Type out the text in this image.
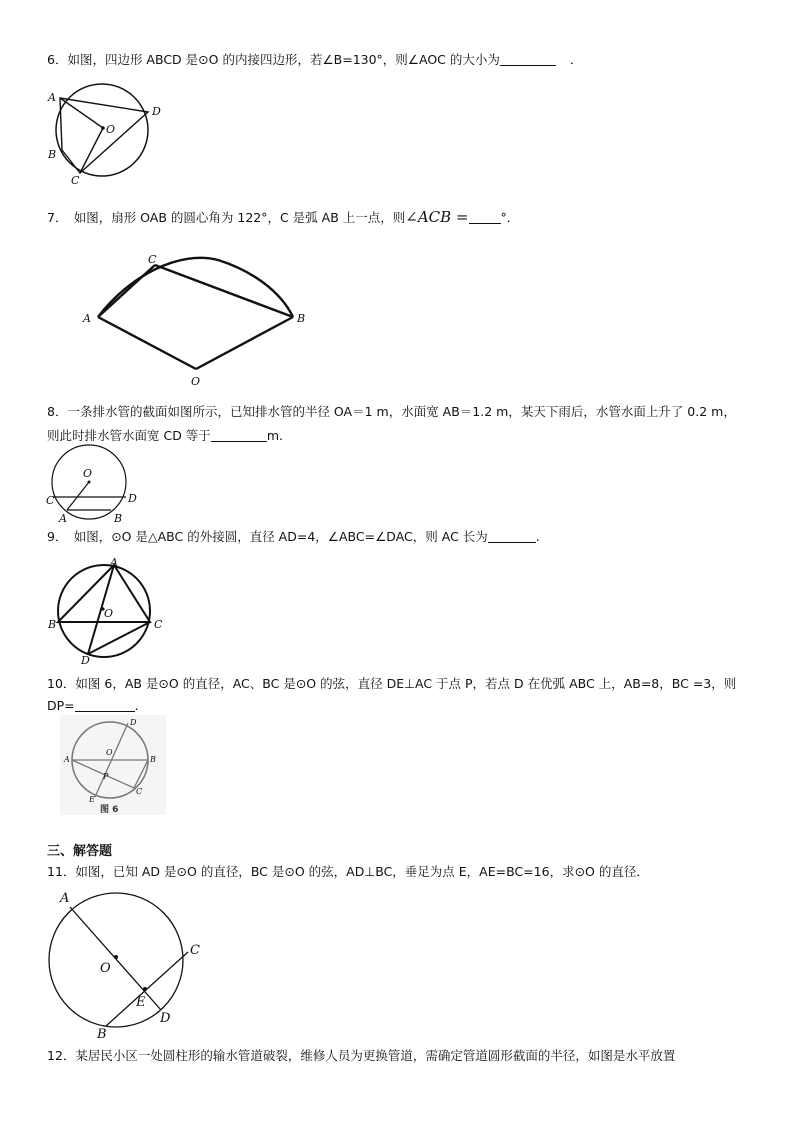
6．如图，四边形 ABCD 是⊙O 的内接四边形，若∠B=130°，则∠AOC 的大小为	．

A
B
C
D
O

7．　如图，扇形 OAB 的圆心角为 122°，C 是弧 AB 上一点，则∠ACB =	°．

C
A	B
O

8．一条排水管的截面如图所示，已知排水管的半径 OA＝1 m，水面宽 AB＝1.2 m，某天下雨后，水管水面上升了 0.2 m，则此时排水管水面宽 CD 等于	m.

O
C	D
A	B

9．　如图，⊙O 是△ABC 的外接圆，直径 AD=4，∠ABC=∠DAC，则 AC 长为	.

A
B	C
D
O

10．如图 6，AB 是⊙O 的直径，AC、BC 是⊙O 的弦，直径 DE⊥AC 于点 P，若点 D 在优弧 ABC 上，AB=8，BC =3，则 DP=	.

D
A	B
O
P
C
E
图 6

三、解答题

11．如图，已知 AD 是⊙O 的直径，BC 是⊙O 的弦，AD⊥BC，垂足为点 E，AE=BC=16，求⊙O 的直径．

A
C
O
E
D
B

12．某居民小区一处圆柱形的输水管道破裂，维修人员为更换管道，需确定管道圆形截面的半径，如图是水平放置
